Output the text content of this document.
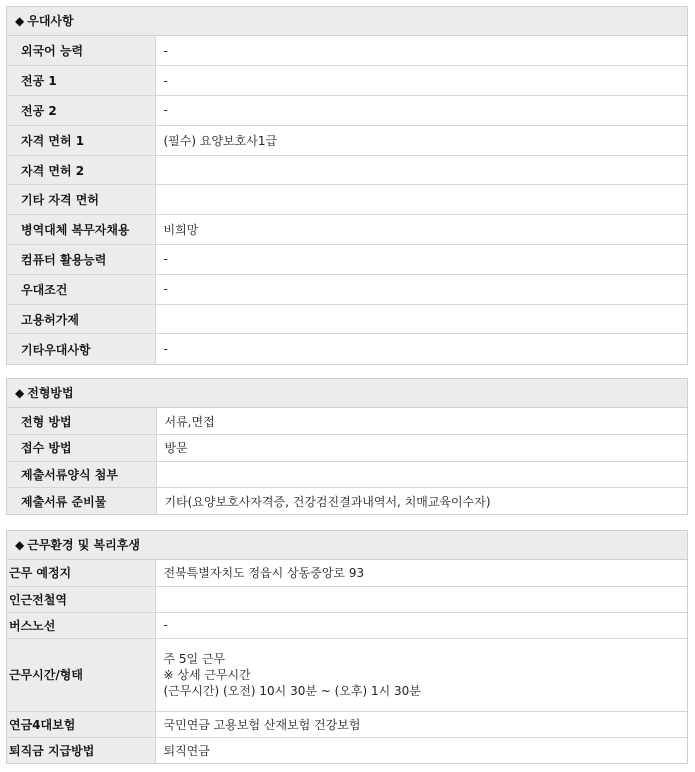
◆ 우대사항
외국어 능력	-
전공 1	-
전공 2	-
자격 면허 1	(필수) 요양보호사1급
자격 면허 2	
기타 자격 면허	
병역대체 복무자채용	비희망
컴퓨터 활용능력	-
우대조건	-
고용허가제	
기타우대사항	-
◆ 전형방법
전형 방법	서류,면접
접수 방법	방문
제출서류양식 첨부	
제출서류 준비물	기타(요양보호사자격증, 건강검진결과내역서, 치매교육이수자)
◆ 근무환경 및 복리후생
근무 예정지	전북특별자치도 정읍시 상동중앙로 93
인근전철역	
버스노선	-
근무시간/형태	주 5일 근무
※ 상세 근무시간
(근무시간) (오전) 10시 30분 ~ (오후) 1시 30분

연금4대보험	국민연금 고용보험 산재보험 건강보험
퇴직금 지급방법	퇴직연금
